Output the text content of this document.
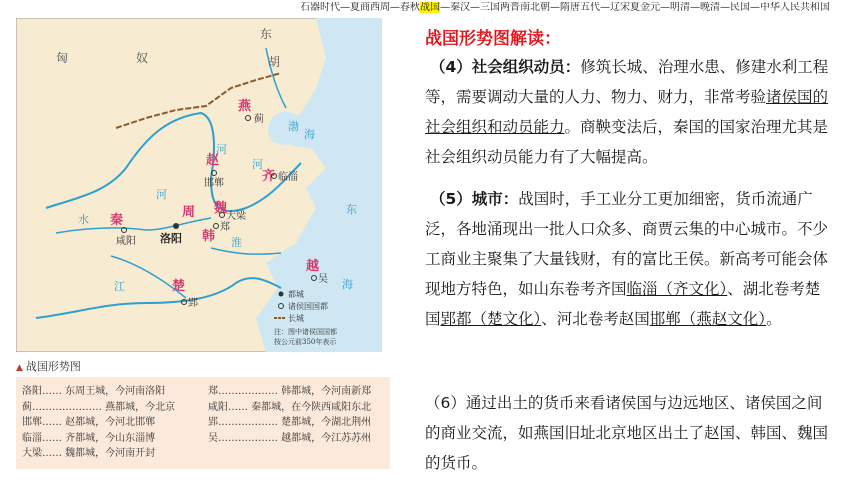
石器时代—夏商西周—春秋战国—秦汉—三国两晋南北朝—隋唐五代—辽宋夏金元—明清—晚清—民国—中华人民共和国
匈	奴
东
胡
河
河
河
水
江
淮
东
海
渤
海
燕
蓟
赵
邯郸	齐 临淄
秦
咸阳
周
洛阳
魏
大梁
韩
郑
越
吴
楚
郢
都城
诸侯国国都
长城
注：图中诸侯国国都
按公元前350年表示
▲ 战国形势图
洛阳…… 东周王城，今河南洛阳
蓟………………… 燕都城，今北京
邯郸…… 赵都城，今河北邯郸
临淄…… 齐都城，今山东淄博
大梁…… 魏都城，今河南开封
郑……………… 韩都城，今河南新郑
咸阳…… 秦都城，在今陕西咸阳东北
郢……………… 楚都城，今湖北荆州
吴……………… 越都城，今江苏苏州
战国形势图解读：
（4）社会组织动员：修筑长城、治理水患、修建水利工程等，需要调动大量的人力、物力、财力，非常考验诸侯国的社会组织和动员能力。商鞅变法后，秦国的国家治理尤其是社会组织动员能力有了大幅提高。
（5）城市：战国时，手工业分工更加细密，货币流通广泛，各地涌现出一批人口众多、商贾云集的中心城市。不少工商业主聚集了大量钱财，有的富比王侯。新高考可能会体现地方特色，如山东卷考齐国临淄（齐文化）、湖北卷考楚国郢都（楚文化）、河北卷考赵国邯郸（燕赵文化）。
（6）通过出土的货币来看诸侯国与边远地区、诸侯国之间的商业交流，如燕国旧址北京地区出土了赵国、韩国、魏国的货币。
